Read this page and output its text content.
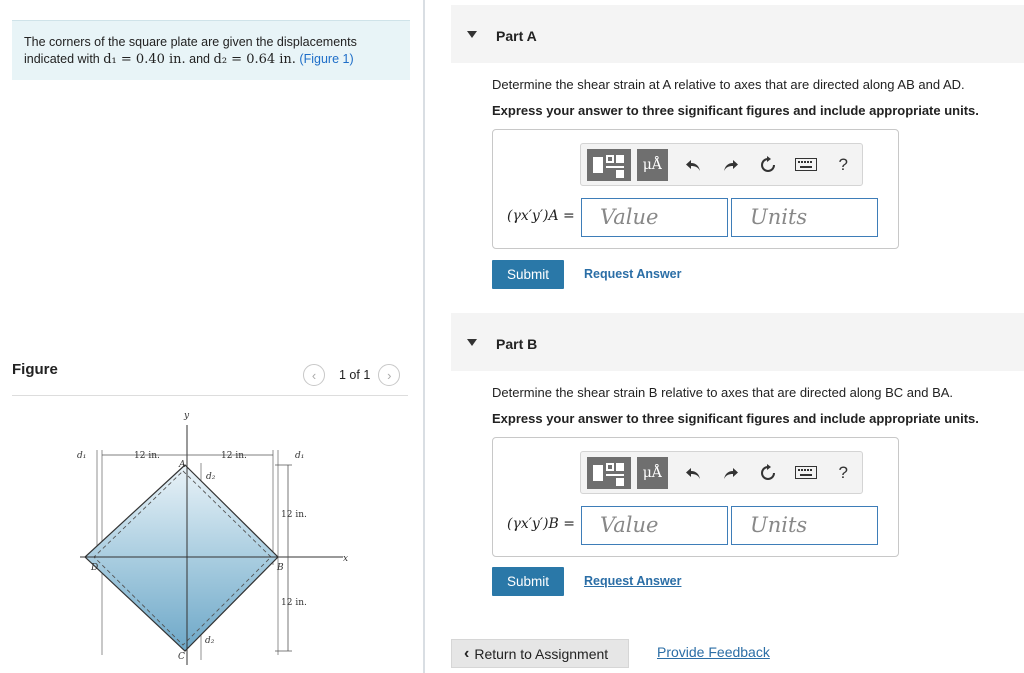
The corners of the square plate are given the displacements indicated with d₁ = 0.40 in. and d₂ = 0.64 in. (Figure 1)
Figure	‹ 1 of 1 ›
y
x
A
B
C
D
d₁	d₁
d₂
d₂
12 in.	12 in.
12 in.
12 in.
Part A
Determine the shear strain at A relative to axes that are directed along AB and AD.
Express your answer to three significant figures and include appropriate units.
μÅ	?
(γx′y′)A =	Value	Units
Submit	Request Answer
Part B
Determine the shear strain B relative to axes that are directed along BC and BA.
Express your answer to three significant figures and include appropriate units.
μÅ	?
(γx′y′)B =	Value	Units
Submit	Request Answer
‹ Return to Assignment	Provide Feedback
